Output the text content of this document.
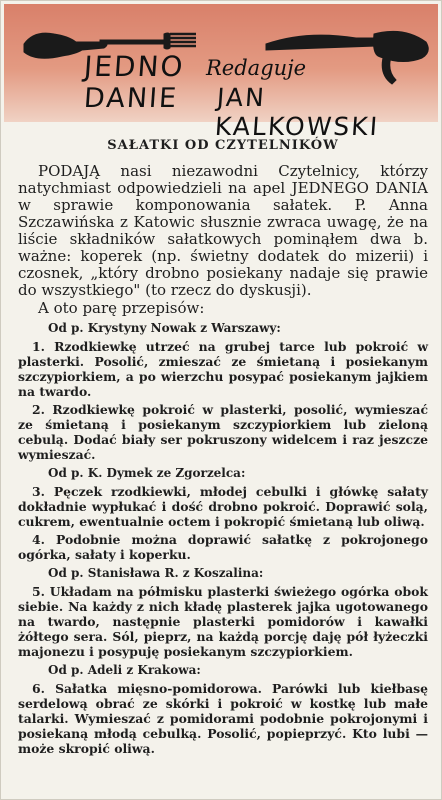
JEDNO Redaguje
DANIE JAN KALKOWSKI
SAŁATKI OD CZYTELNIKÓW

PODAJĄ nasi niezawodni Czytelnicy, którzy natychmiast odpowiedzieli na apel JEDNEGO DANIA w sprawie komponowania sałatek. P. Anna Szczawińska z Katowic słusznie zwraca uwagę, że na liście składników sałatkowych pominąłem dwa b. ważne: koperek (np. świetny dodatek do mizerii) i czosnek, „który drobno posiekany nadaje się prawie do wszystkiego" (to rzecz do dyskusji).

A oto parę przepisów:

Od p. Krystyny Nowak z Warszawy:

1. Rzodkiewkę utrzeć na grubej tarce lub pokroić w plasterki. Posolić, zmieszać ze śmietaną i posiekanym szczypiorkiem, a po wierzchu posypać posiekanym jajkiem na twardo.

2. Rzodkiewkę pokroić w plasterki, posolić, wymieszać ze śmietaną i posiekanym szczypiorkiem lub zieloną cebulą. Dodać biały ser pokruszony widelcem i raz jeszcze wymieszać.

Od p. K. Dymek ze Zgorzelca:

3. Pęczek rzodkiewki, młodej cebulki i główkę sałaty dokładnie wypłukać i dość drobno pokroić. Doprawić solą, cukrem, ewentualnie octem i pokropić śmietaną lub oliwą.

4. Podobnie można doprawić sałatkę z pokrojonego ogórka, sałaty i koperku.

Od p. Stanisława R. z Koszalina:

5. Układam na półmisku plasterki świeżego ogórka obok siebie. Na każdy z nich kładę plasterek jajka ugotowanego na twardo, następnie plasterki pomidorów i kawałki żółtego sera. Sól, pieprz, na każdą porcję daję pół łyżeczki majonezu i posypuję posiekanym szczypiorkiem.

Od p. Adeli z Krakowa:

6. Sałatka mięsno-pomidorowa. Parówki lub kiełbasę serdelową obrać ze skórki i pokroić w kostkę lub małe talarki. Wymieszać z pomidorami podobnie pokrojonymi i posiekaną młodą cebulką. Posolić, popieprzyć. Kto lubi — może skropić oliwą.
